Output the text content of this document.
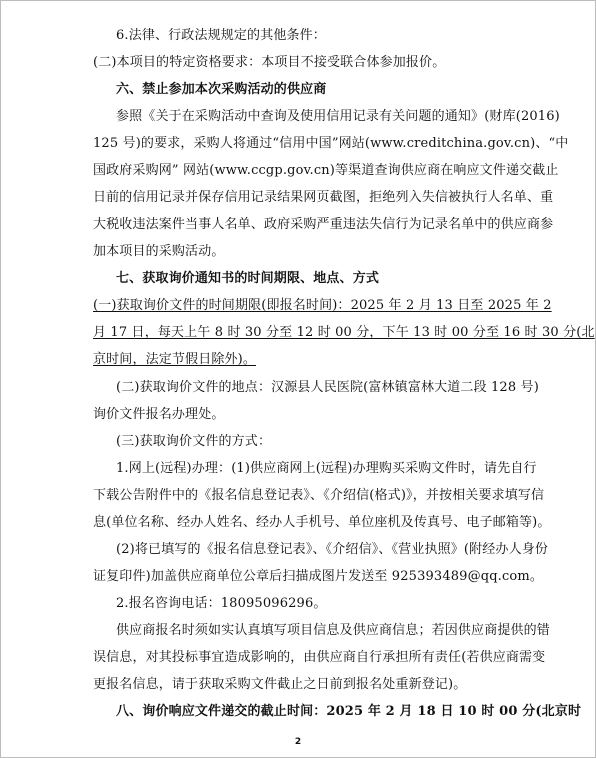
6.法律、行政法规规定的其他条件：
(二)本项目的特定资格要求：本项目不接受联合体参加报价。
六、禁止参加本次采购活动的供应商
参照《关于在采购活动中查询及使用信用记录有关问题的通知》(财库(2016)
125 号)的要求，采购人将通过“信用中国”网站(www.creditchina.gov.cn)、“中
国政府采购网” 网站(www.ccgp.gov.cn)等渠道查询供应商在响应文件递交截止
日前的信用记录并保存信用记录结果网页截图，拒绝列入失信被执行人名单、重
大税收违法案件当事人名单、政府采购严重违法失信行为记录名单中的供应商参
加本项目的采购活动。
七、获取询价通知书的时间期限、地点、方式
(一)获取询价文件的时间期限(即报名时间)：2025 年 2 月 13 日至 2025 年 2
月 17 日，每天上午 8 时 30 分至 12 时 00 分，下午 13 时 00 分至 16 时 30 分(北
京时间，法定节假日除外)。
(二)获取询价文件的地点：汉源县人民医院(富林镇富林大道二段 128 号)
询价文件报名办理处。
(三)获取询价文件的方式：
1.网上(远程)办理：(1)供应商网上(远程)办理购买采购文件时，请先自行
下载公告附件中的《报名信息登记表》、《介绍信(格式)》，并按相关要求填写信
息(单位名称、经办人姓名、经办人手机号、单位座机及传真号、电子邮箱等)。
(2)将已填写的《报名信息登记表》、《介绍信》、《营业执照》(附经办人身份
证复印件)加盖供应商单位公章后扫描成图片发送至 925393489@qq.com。
2.报名咨询电话：18095096296。
供应商报名时须如实认真填写项目信息及供应商信息；若因供应商提供的错
误信息，对其投标事宜造成影响的，由供应商自行承担所有责任(若供应商需变
更报名信息，请于获取采购文件截止之日前到报名处重新登记)。
八、询价响应文件递交的截止时间：2025 年 2 月 18 日 10 时 00 分(北京时
2
